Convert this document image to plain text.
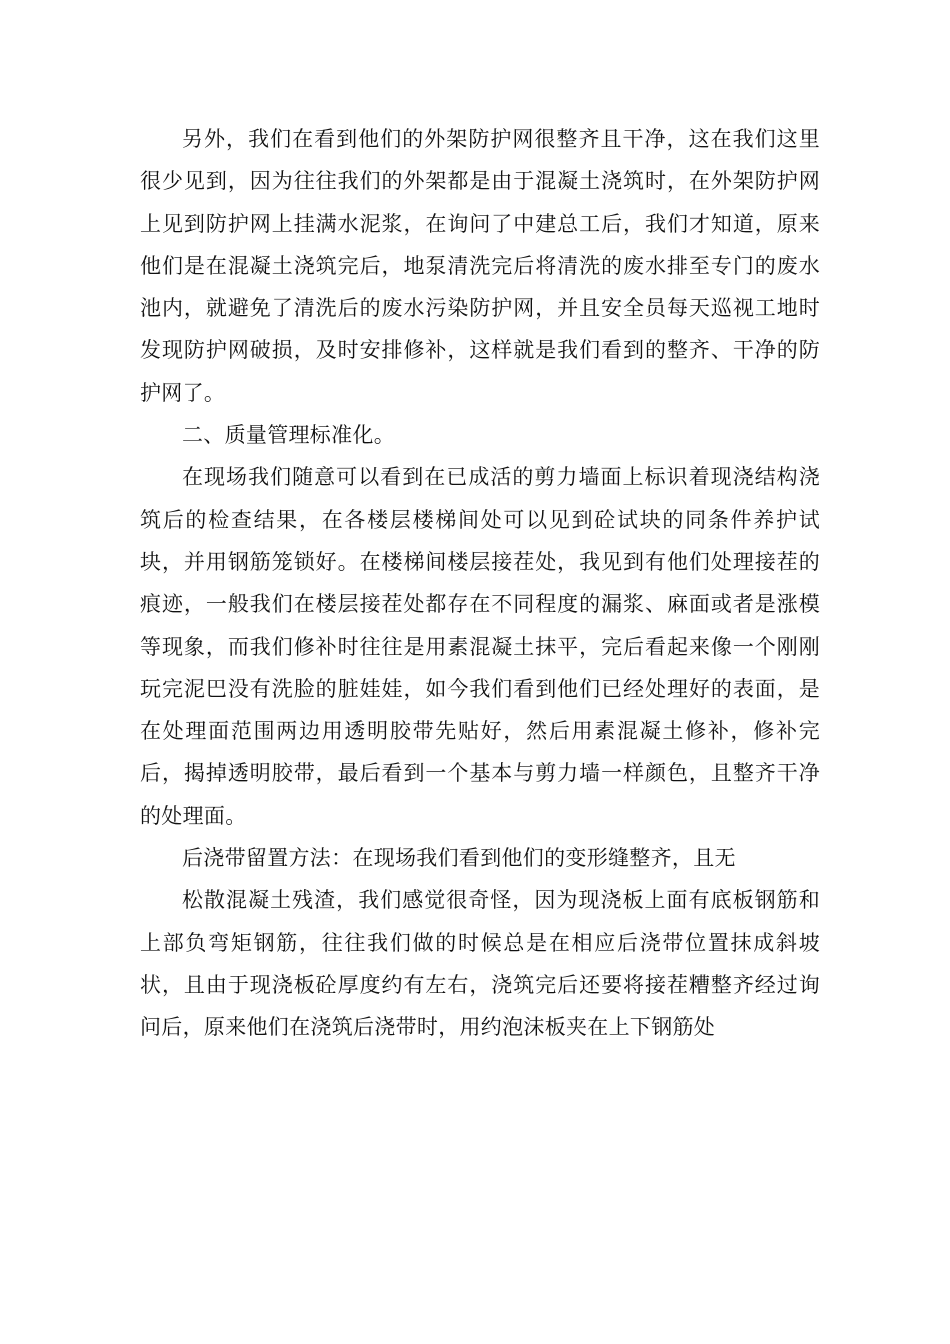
另外，我们在看到他们的外架防护网很整齐且干净，这在我们这里很少见到，因为往往我们的外架都是由于混凝土浇筑时，在外架防护网上见到防护网上挂满水泥浆，在询问了中建总工后，我们才知道，原来他们是在混凝土浇筑完后，地泵清洗完后将清洗的废水排至专门的废水池内，就避免了清洗后的废水污染防护网，并且安全员每天巡视工地时发现防护网破损，及时安排修补，这样就是我们看到的整齐、干净的防护网了。

二、质量管理标准化。

在现场我们随意可以看到在已成活的剪力墙面上标识着现浇结构浇筑后的检查结果，在各楼层楼梯间处可以见到砼试块的同条件养护试块，并用钢筋笼锁好。在楼梯间楼层接茬处，我见到有他们处理接茬的痕迹，一般我们在楼层接茬处都存在不同程度的漏浆、麻面或者是涨模等现象，而我们修补时往往是用素混凝土抹平，完后看起来像一个刚刚玩完泥巴没有洗脸的脏娃娃，如今我们看到他们已经处理好的表面，是在处理面范围两边用透明胶带先贴好，然后用素混凝土修补，修补完后，揭掉透明胶带，最后看到一个基本与剪力墙一样颜色，且整齐干净的处理面。

后浇带留置方法：在现场我们看到他们的变形缝整齐，且无

松散混凝土残渣，我们感觉很奇怪，因为现浇板上面有底板钢筋和上部负弯矩钢筋，往往我们做的时候总是在相应后浇带位置抹成斜坡状，且由于现浇板砼厚度约有左右，浇筑完后还要将接茬糟整齐经过询问后，原来他们在浇筑后浇带时，用约泡沫板夹在上下钢筋处
